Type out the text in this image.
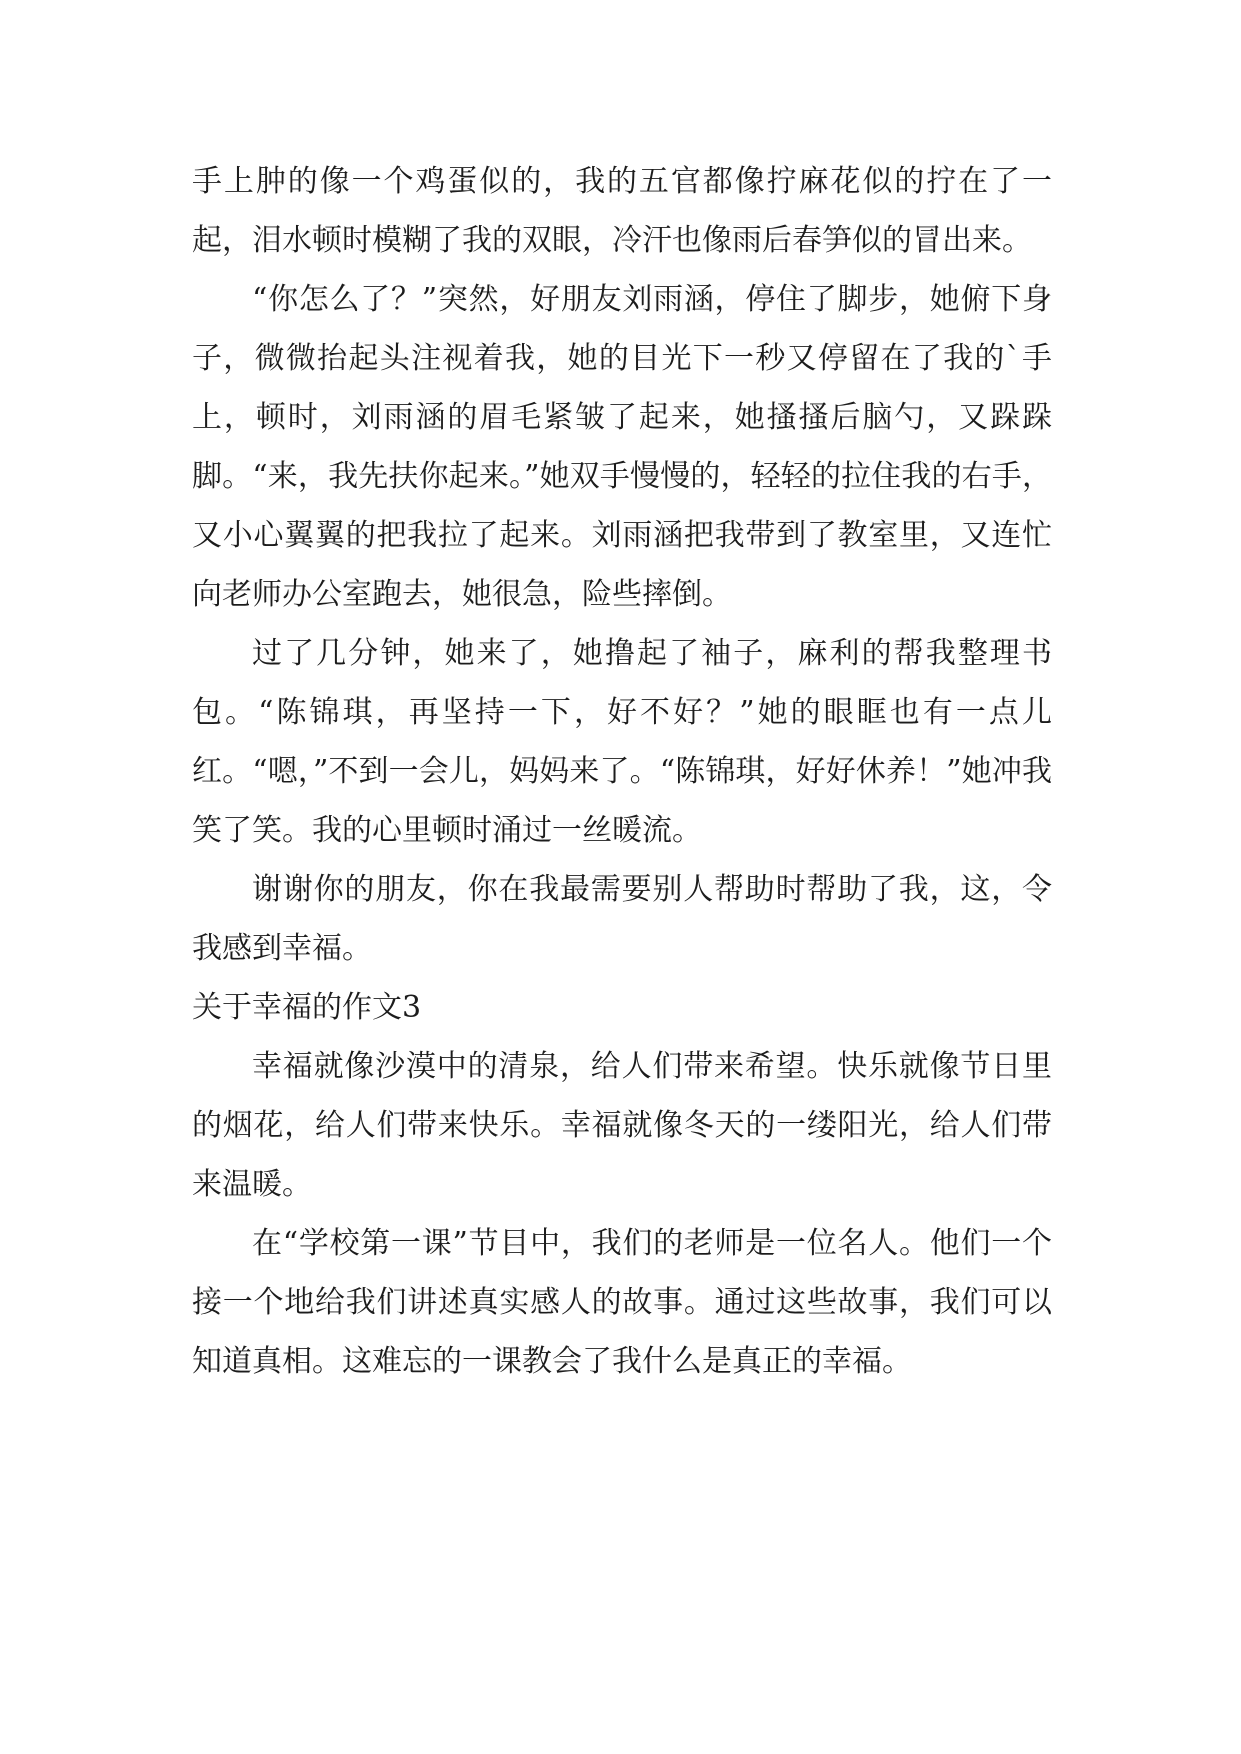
手上肿的像一个鸡蛋似的，我的五官都像拧麻花似的拧在了一起，泪水顿时模糊了我的双眼，冷汗也像雨后春笋似的冒出来。

“你怎么了？”突然，好朋友刘雨涵，停住了脚步，她俯下身子，微微抬起头注视着我，她的目光下一秒又停留在了我的`手上，顿时，刘雨涵的眉毛紧皱了起来，她搔搔后脑勺，又跺跺脚。“来，我先扶你起来。”她双手慢慢的，轻轻的拉住我的右手，又小心翼翼的把我拉了起来。刘雨涵把我带到了教室里，又连忙向老师办公室跑去，她很急，险些摔倒。

过了几分钟，她来了，她撸起了袖子，麻利的帮我整理书包。“陈锦琪，再坚持一下，好不好？”她的眼眶也有一点儿红。“嗯，”不到一会儿，妈妈来了。“陈锦琪，好好休养！”她冲我笑了笑。我的心里顿时涌过一丝暖流。

谢谢你的朋友，你在我最需要别人帮助时帮助了我，这，令我感到幸福。

关于幸福的作文3

幸福就像沙漠中的清泉，给人们带来希望。快乐就像节日里的烟花，给人们带来快乐。幸福就像冬天的一缕阳光，给人们带来温暖。

在“学校第一课”节目中，我们的老师是一位名人。他们一个接一个地给我们讲述真实感人的故事。通过这些故事，我们可以知道真相。这难忘的一课教会了我什么是真正的幸福。
